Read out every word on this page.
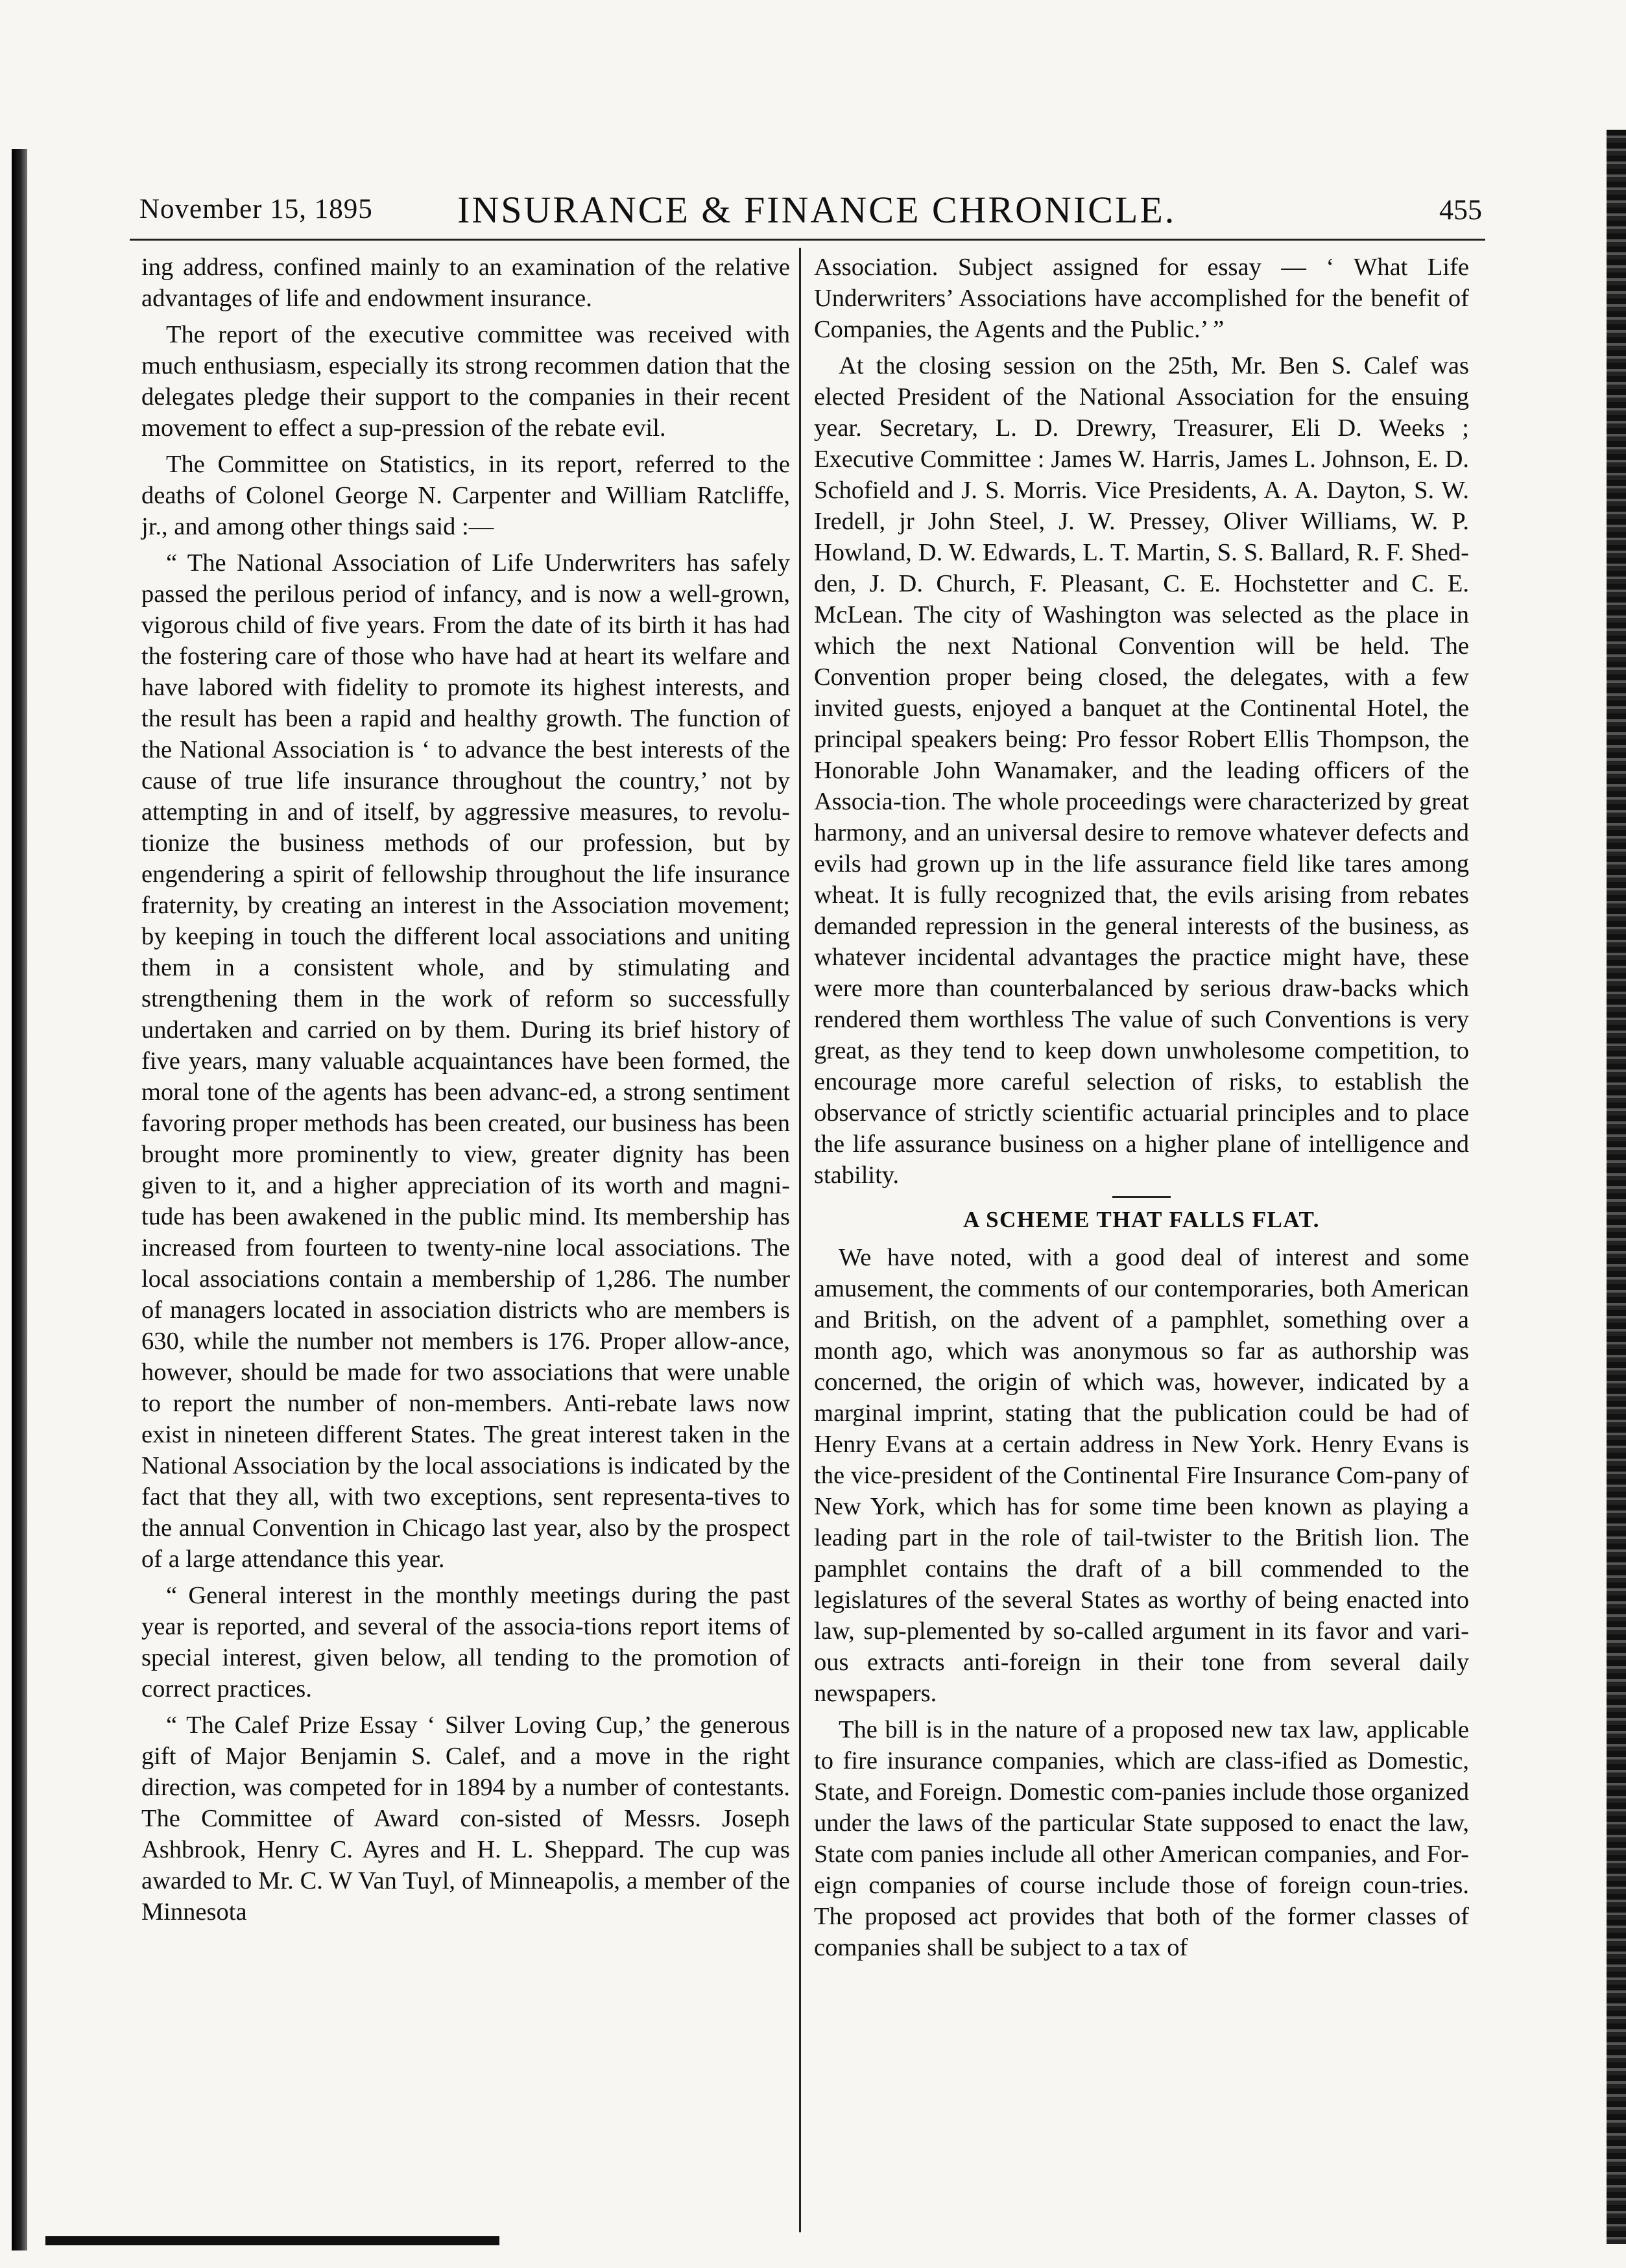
November 15, 1895 INSURANCE & FINANCE CHRONICLE.	455

ing address, confined mainly to an examination of the relative advantages of life and endowment insurance.

The report of the executive committee was received with much enthusiasm, especially its strong recommen dation that the delegates pledge their support to the companies in their recent movement to effect a sup-pression of the rebate evil.

The Committee on Statistics, in its report, referred to the deaths of Colonel George N. Carpenter and William Ratcliffe, jr., and among other things said :—

“ The National Association of Life Underwriters has safely passed the perilous period of infancy, and is now a well-grown, vigorous child of five years. From the date of its birth it has had the fostering care of those who have had at heart its welfare and have labored with fidelity to promote its highest interests, and the result has been a rapid and healthy growth. The function of the National Association is ‘ to advance the best interests of the cause of true life insurance throughout the country,’ not by attempting in and of itself, by aggressive measures, to revolu-tionize the business methods of our profession, but by engendering a spirit of fellowship throughout the life insurance fraternity, by creating an interest in the Association movement; by keeping in touch the different local associations and uniting them in a consistent whole, and by stimulating and strengthening them in the work of reform so successfully undertaken and carried on by them. During its brief history of five years, many valuable acquaintances have been formed, the moral tone of the agents has been advanc-ed, a strong sentiment favoring proper methods has been created, our business has been brought more prominently to view, greater dignity has been given to it, and a higher appreciation of its worth and magni-tude has been awakened in the public mind. Its membership has increased from fourteen to twenty-nine local associations. The local associations contain a membership of 1,286. The number of managers located in association districts who are members is 630, while the number not members is 176. Proper allow-ance, however, should be made for two associations that were unable to report the number of non-members. Anti-rebate laws now exist in nineteen different States. The great interest taken in the National Association by the local associations is indicated by the fact that they all, with two exceptions, sent representa-tives to the annual Convention in Chicago last year, also by the prospect of a large attendance this year.

“ General interest in the monthly meetings during the past year is reported, and several of the associa-tions report items of special interest, given below, all tending to the promotion of correct practices.

“ The Calef Prize Essay ‘ Silver Loving Cup,’ the generous gift of Major Benjamin S. Calef, and a move in the right direction, was competed for in 1894 by a number of contestants. The Committee of Award con-sisted of Messrs. Joseph Ashbrook, Henry C. Ayres and H. L. Sheppard. The cup was awarded to Mr. C. W Van Tuyl, of Minneapolis, a member of the Minnesota

Association. Subject assigned for essay — ‘ What Life Underwriters’ Associations have accomplished for the benefit of Companies, the Agents and the Public.’ ”

At the closing session on the 25th, Mr. Ben S. Calef was elected President of the National Association for the ensuing year. Secretary, L. D. Drewry, Treasurer, Eli D. Weeks ; Executive Committee : James W. Harris, James L. Johnson, E. D. Schofield and J. S. Morris. Vice Presidents, A. A. Dayton, S. W. Iredell, jr John Steel, J. W. Pressey, Oliver Williams, W. P. Howland, D. W. Edwards, L. T. Martin, S. S. Ballard, R. F. Shed-den, J. D. Church, F. Pleasant, C. E. Hochstetter and C. E. McLean. The city of Washington was selected as the place in which the next National Convention will be held. The Convention proper being closed, the delegates, with a few invited guests, enjoyed a banquet at the Continental Hotel, the principal speakers being: Pro fessor Robert Ellis Thompson, the Honorable John Wanamaker, and the leading officers of the Associa-tion. The whole proceedings were characterized by great harmony, and an universal desire to remove whatever defects and evils had grown up in the life assurance field like tares among wheat. It is fully recognized that, the evils arising from rebates demanded repression in the general interests of the business, as whatever incidental advantages the practice might have, these were more than counterbalanced by serious draw-backs which rendered them worthless The value of such Conventions is very great, as they tend to keep down unwholesome competition, to encourage more careful selection of risks, to establish the observance of strictly scientific actuarial principles and to place the life assurance business on a higher plane of intelligence and stability.

A SCHEME THAT FALLS FLAT.

We have noted, with a good deal of interest and some amusement, the comments of our contemporaries, both American and British, on the advent of a pamphlet, something over a month ago, which was anonymous so far as authorship was concerned, the origin of which was, however, indicated by a marginal imprint, stating that the publication could be had of Henry Evans at a certain address in New York. Henry Evans is the vice-president of the Continental Fire Insurance Com-pany of New York, which has for some time been known as playing a leading part in the role of tail-twister to the British lion. The pamphlet contains the draft of a bill commended to the legislatures of the several States as worthy of being enacted into law, sup-plemented by so-called argument in its favor and vari-ous extracts anti-foreign in their tone from several daily newspapers.

The bill is in the nature of a proposed new tax law, applicable to fire insurance companies, which are class-ified as Domestic, State, and Foreign. Domestic com-panies include those organized under the laws of the particular State supposed to enact the law, State com panies include all other American companies, and For-eign companies of course include those of foreign coun-tries. The proposed act provides that both of the former classes of companies shall be subject to a tax of
